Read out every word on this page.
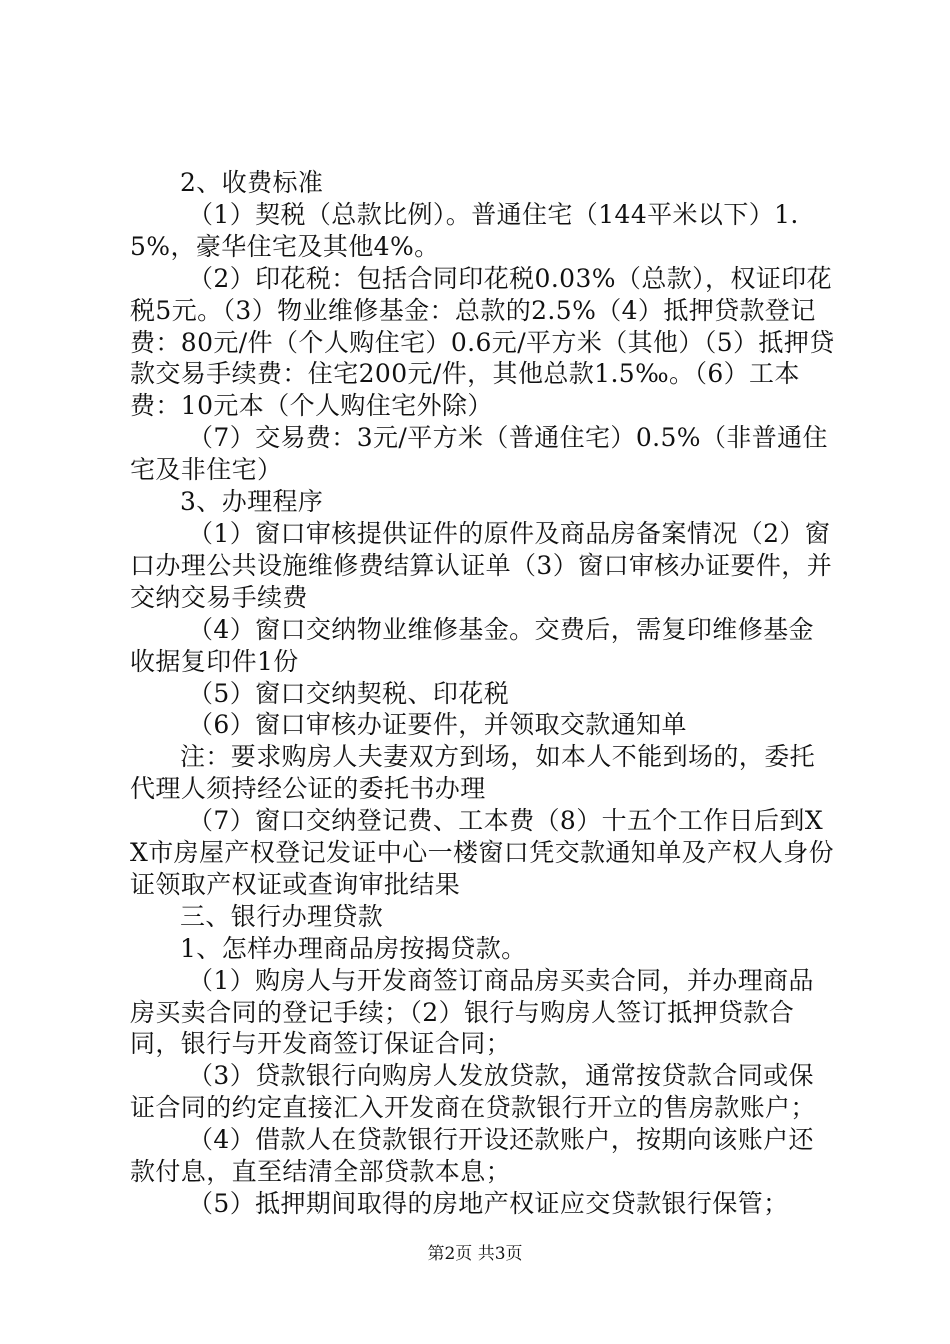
2、收费标准

（1）契税（总款比例）。普通住宅（144平米以下）1.5%，豪华住宅及其他4%。

（2）印花税：包括合同印花税0.03%（总款），权证印花税5元。（3）物业维修基金：总款的2.5%（4）抵押贷款登记费：80元/件（个人购住宅）0.6元/平方米（其他）（5）抵押贷款交易手续费：住宅200元/件，其他总款1.5‰。（6）工本费：10元本（个人购住宅外除）

（7）交易费：3元/平方米（普通住宅）0.5%（非普通住宅及非住宅）

3、办理程序

（1）窗口审核提供证件的原件及商品房备案情况（2）窗口办理公共设施维修费结算认证单（3）窗口审核办证要件，并交纳交易手续费

（4）窗口交纳物业维修基金。交费后，需复印维修基金收据复印件1份

（5）窗口交纳契税、印花税

（6）窗口审核办证要件，并领取交款通知单

注：要求购房人夫妻双方到场，如本人不能到场的，委托代理人须持经公证的委托书办理

（7）窗口交纳登记费、工本费（8）十五个工作日后到XX市房屋产权登记发证中心一楼窗口凭交款通知单及产权人身份证领取产权证或查询审批结果

三、银行办理贷款

1、怎样办理商品房按揭贷款。

（1）购房人与开发商签订商品房买卖合同，并办理商品房买卖合同的登记手续；（2）银行与购房人签订抵押贷款合同，银行与开发商签订保证合同；

（3）贷款银行向购房人发放贷款，通常按贷款合同或保证合同的约定直接汇入开发商在贷款银行开立的售房款账户；

（4）借款人在贷款银行开设还款账户，按期向该账户还款付息，直至结清全部贷款本息；

（5）抵押期间取得的房地产权证应交贷款银行保管；

第2页 共3页
